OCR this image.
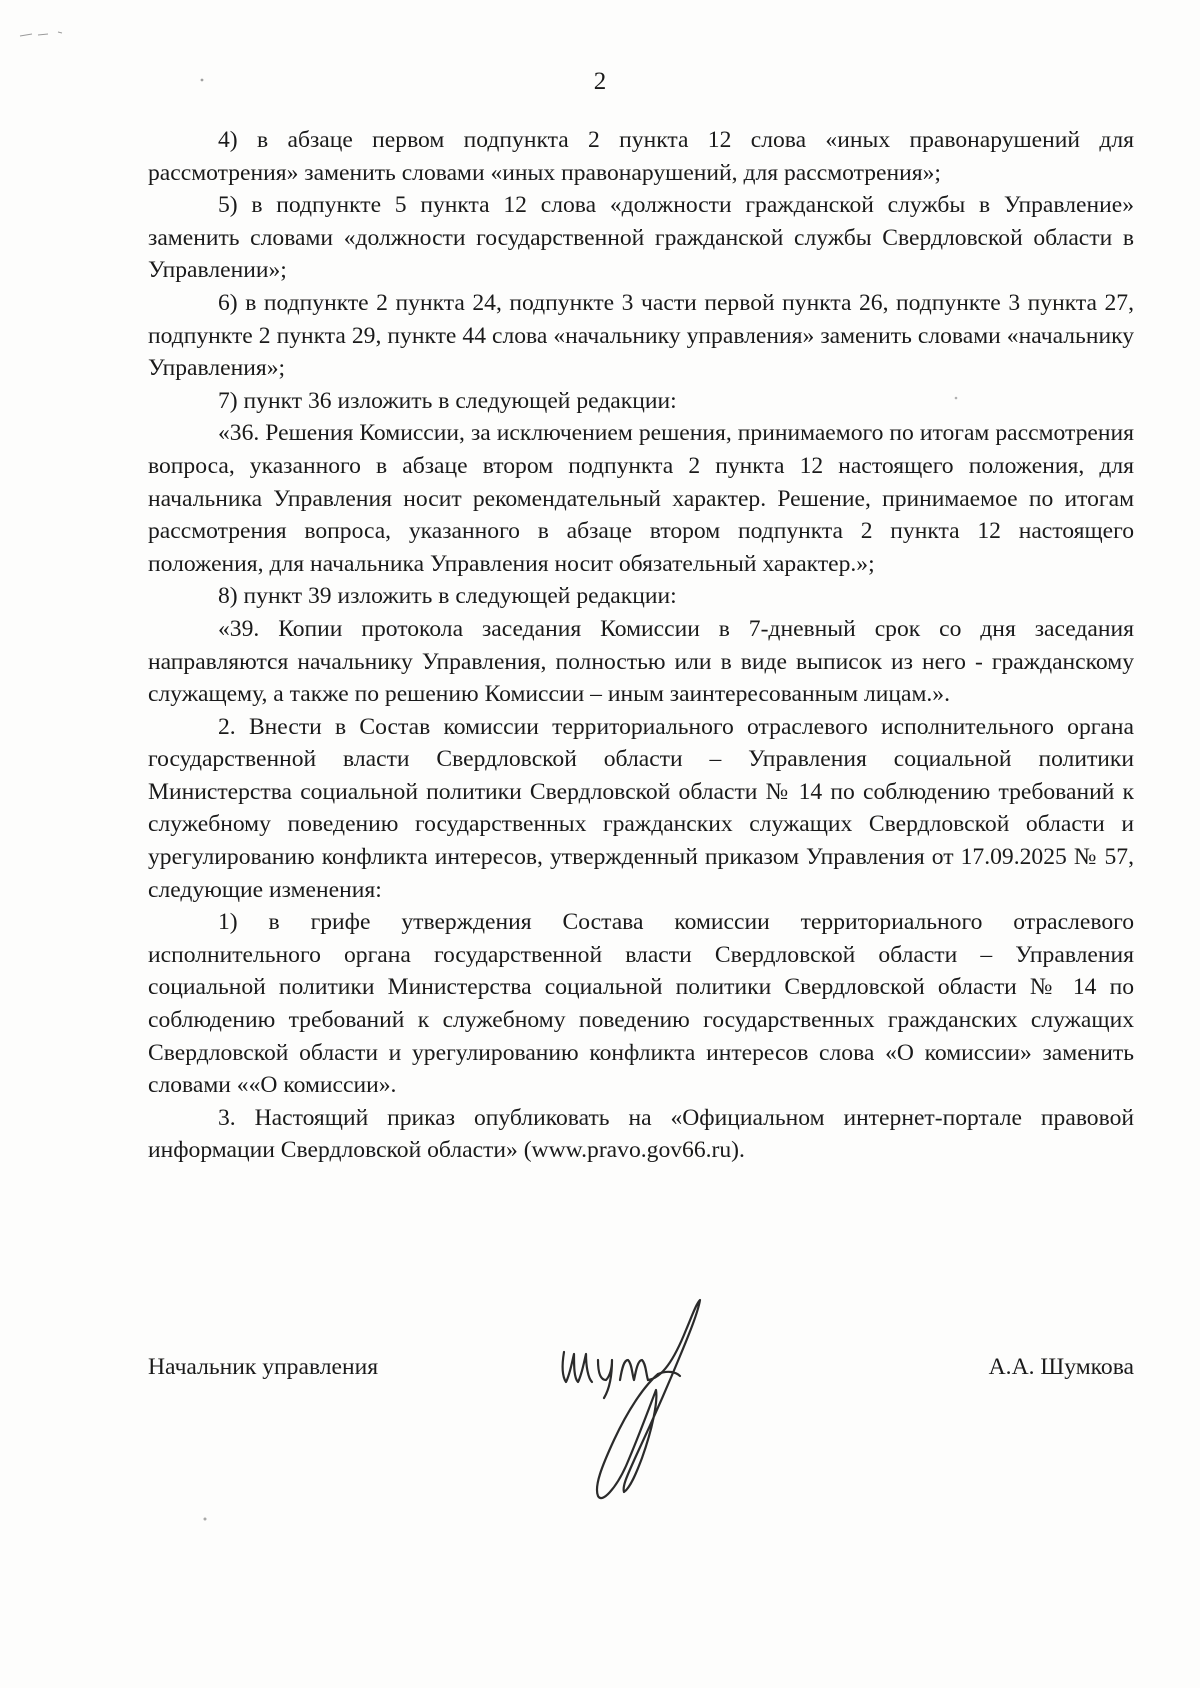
2

4) в абзаце первом подпункта 2 пункта 12 слова «иных правонарушений для рассмотрения» заменить словами «иных правонарушений, для рассмотрения»;

5) в подпункте 5 пункта 12 слова «должности гражданской службы в Управление» заменить словами «должности государственной гражданской службы Свердловской области в Управлении»;

6) в подпункте 2 пункта 24, подпункте 3 части первой пункта 26, подпункте 3 пункта 27, подпункте 2 пункта 29, пункте 44 слова «начальнику управления» заменить словами «начальнику Управления»;

7) пункт 36 изложить в следующей редакции:

«36. Решения Комиссии, за исключением решения, принимаемого по итогам рассмотрения вопроса, указанного в абзаце втором подпункта 2 пункта 12 настоящего положения, для начальника Управления носит рекомендательный характер. Решение, принимаемое по итогам рассмотрения вопроса, указанного в абзаце втором подпункта 2 пункта 12 настоящего положения, для начальника Управления носит обязательный характер.»;

8) пункт 39 изложить в следующей редакции:

«39. Копии протокола заседания Комиссии в 7-дневный срок со дня заседания направляются начальнику Управления, полностью или в виде выписок из него - гражданскому служащему, а также по решению Комиссии – иным заинтересованным лицам.».

2. Внести в Состав комиссии территориального отраслевого исполнительного органа государственной власти Свердловской области – Управления социальной политики Министерства социальной политики Свердловской области № 14 по соблюдению требований к служебному поведению государственных гражданских служащих Свердловской области и урегулированию конфликта интересов, утвержденный приказом Управления от 17.09.2025 № 57, следующие изменения:

1) в грифе утверждения Состава комиссии территориального отраслевого исполнительного органа государственной власти Свердловской области – Управления социальной политики Министерства социальной политики Свердловской области № 14 по соблюдению требований к служебному поведению государственных гражданских служащих Свердловской области и урегулированию конфликта интересов слова «О комиссии» заменить словами ««О комиссии».

3. Настоящий приказ опубликовать на «Официальном интернет-портале правовой информации Свердловской области» (www.pravo.gov66.ru).

Начальник управления	А.А. Шумкова
